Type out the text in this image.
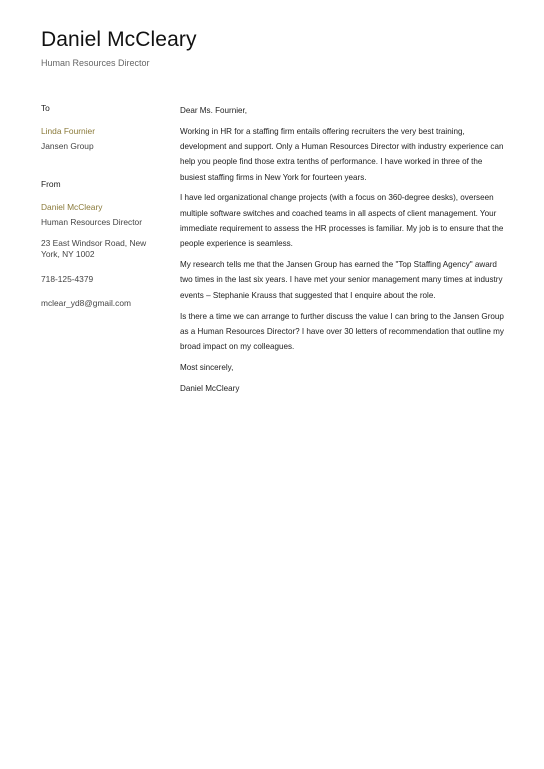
Daniel McCleary
Human Resources Director
To
Linda Fournier
Jansen Group
From
Daniel McCleary
Human Resources Director
23 East Windsor Road, New York, NY 1002
718-125-4379
mclear_yd8@gmail.com

Dear Ms. Fournier,

Working in HR for a staffing firm entails offering recruiters the very best training, development and support. Only a Human Resources Director with industry experience can help you people find those extra tenths of performance. I have worked in three of the busiest staffing firms in New York for fourteen years.

I have led organizational change projects (with a focus on 360-degree desks), overseen multiple software switches and coached teams in all aspects of client management. Your immediate requirement to assess the HR processes is familiar. My job is to ensure that the people experience is seamless.

My research tells me that the Jansen Group has earned the "Top Staffing Agency" award two times in the last six years. I have met your senior management many times at industry events – Stephanie Krauss that suggested that I enquire about the role.

Is there a time we can arrange to further discuss the value I can bring to the Jansen Group as a Human Resources Director? I have over 30 letters of recommendation that outline my broad impact on my colleagues.

Most sincerely,

Daniel McCleary
